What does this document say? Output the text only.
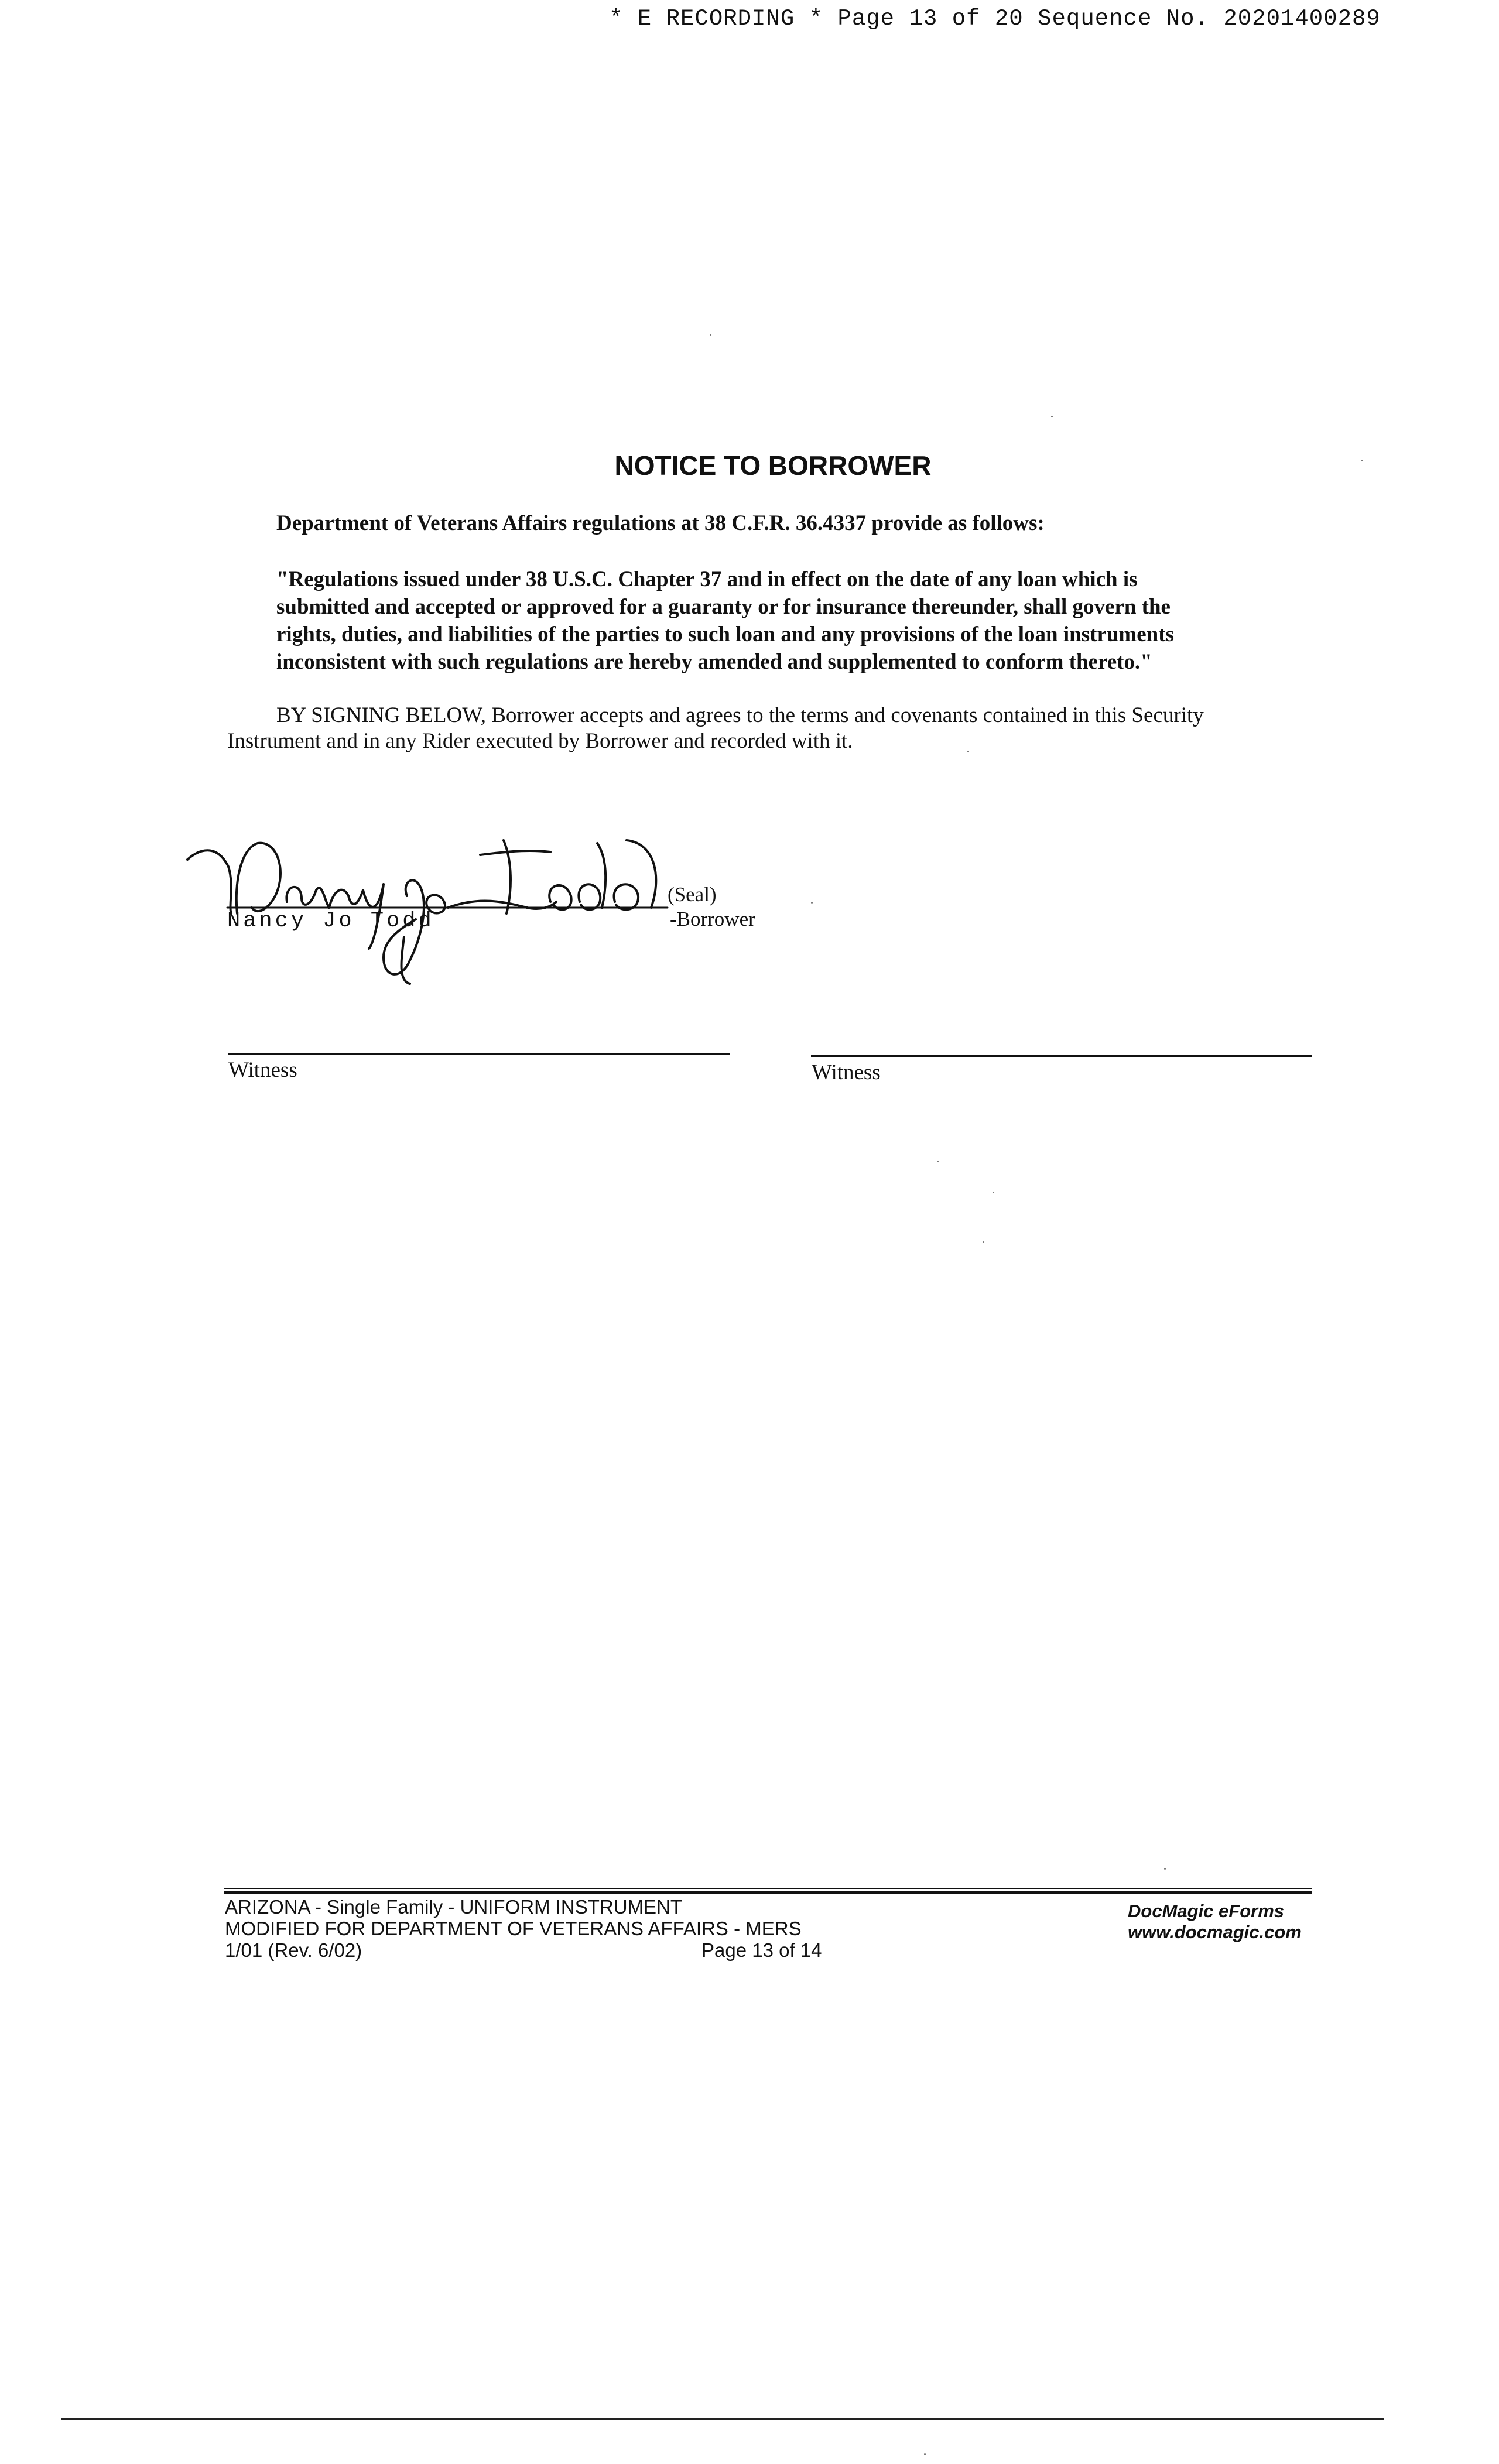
* E RECORDING * Page 13 of 20 Sequence No. 20201400289
NOTICE TO BORROWER
Department of Veterans Affairs regulations at 38 C.F.R. 36.4337 provide as follows:
"Regulations issued under 38 U.S.C. Chapter 37 and in effect on the date of any loan which is
submitted and accepted or approved for a guaranty or for insurance thereunder, shall govern the
rights, duties, and liabilities of the parties to such loan and any provisions of the loan instruments
inconsistent with such regulations are hereby amended and supplemented to conform thereto."
BY SIGNING BELOW, Borrower accepts and agrees to the terms and covenants contained in this Security
Instrument and in any Rider executed by Borrower and recorded with it.
(Seal)
-Borrower
Nancy Jo Todd
Witness	Witness
ARIZONA - Single Family - UNIFORM INSTRUMENT
MODIFIED FOR DEPARTMENT OF VETERANS AFFAIRS - MERS
1/01 (Rev. 6/02)	Page 13 of 14
DocMagic eForms
www.docmagic.com
